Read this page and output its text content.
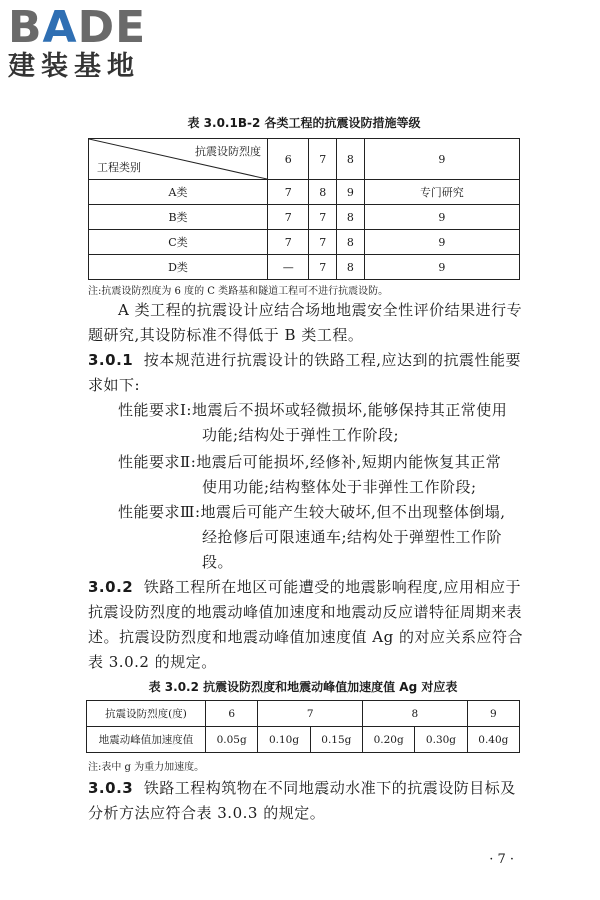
BADE
建装基地
表 3.0.1B-2 各类工程的抗震设防措施等级
抗震设防烈度
工程类别	6	7	8	9
A类	7	8	9	专门研究
B类	7	7	8	9
C类	7	7	8	9
D类	—	7	8	9
注:抗震设防烈度为 6 度的 C 类路基和隧道工程可不进行抗震设防。
A 类工程的抗震设计应结合场地地震安全性评价结果进行专
题研究,其设防标准不得低于 B 类工程。
3.0.1 按本规范进行抗震设计的铁路工程,应达到的抗震性能要
求如下:
性能要求Ⅰ:地震后不损坏或轻微损坏,能够保持其正常使用
功能;结构处于弹性工作阶段;
性能要求Ⅱ:地震后可能损坏,经修补,短期内能恢复其正常
使用功能;结构整体处于非弹性工作阶段;
性能要求Ⅲ:地震后可能产生较大破坏,但不出现整体倒塌,
经抢修后可限速通车;结构处于弹塑性工作阶
段。
3.0.2 铁路工程所在地区可能遭受的地震影响程度,应用相应于
抗震设防烈度的地震动峰值加速度和地震动反应谱特征周期来表
述。抗震设防烈度和地震动峰值加速度值 Ag 的对应关系应符合
表 3.0.2 的规定。
表 3.0.2 抗震设防烈度和地震动峰值加速度值 Ag 对应表
抗震设防烈度(度)	6	7		8		9
地震动峰值加速度值	0.05g	0.10g	0.15g	0.20g	0.30g	0.40g
注:表中 g 为重力加速度。
3.0.3 铁路工程构筑物在不同地震动水准下的抗震设防目标及
分析方法应符合表 3.0.3 的规定。
· 7 ·
